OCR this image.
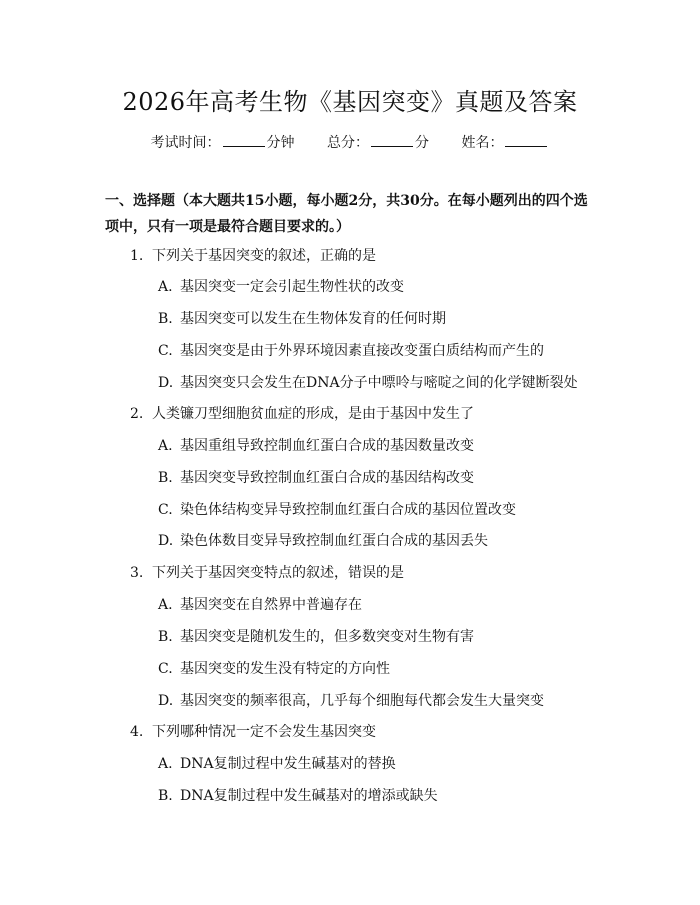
2026年高考生物《基因突变》真题及答案
考试时间：	分钟 总分：	分 姓名：
一、选择题（本大题共15小题，每小题2分，共30分。在每小题列出的四个选项中，只有一项是最符合题目要求的。）
1. 下列关于基因突变的叙述，正确的是
A. 基因突变一定会引起生物性状的改变
B. 基因突变可以发生在生物体发育的任何时期
C. 基因突变是由于外界环境因素直接改变蛋白质结构而产生的
D. 基因突变只会发生在DNA分子中嘌呤与嘧啶之间的化学键断裂处
2. 人类镰刀型细胞贫血症的形成，是由于基因中发生了
A. 基因重组导致控制血红蛋白合成的基因数量改变
B. 基因突变导致控制血红蛋白合成的基因结构改变
C. 染色体结构变异导致控制血红蛋白合成的基因位置改变
D. 染色体数目变异导致控制血红蛋白合成的基因丢失
3. 下列关于基因突变特点的叙述，错误的是
A. 基因突变在自然界中普遍存在
B. 基因突变是随机发生的，但多数突变对生物有害
C. 基因突变的发生没有特定的方向性
D. 基因突变的频率很高，几乎每个细胞每代都会发生大量突变
4. 下列哪种情况一定不会发生基因突变
A. DNA复制过程中发生碱基对的替换
B. DNA复制过程中发生碱基对的增添或缺失
